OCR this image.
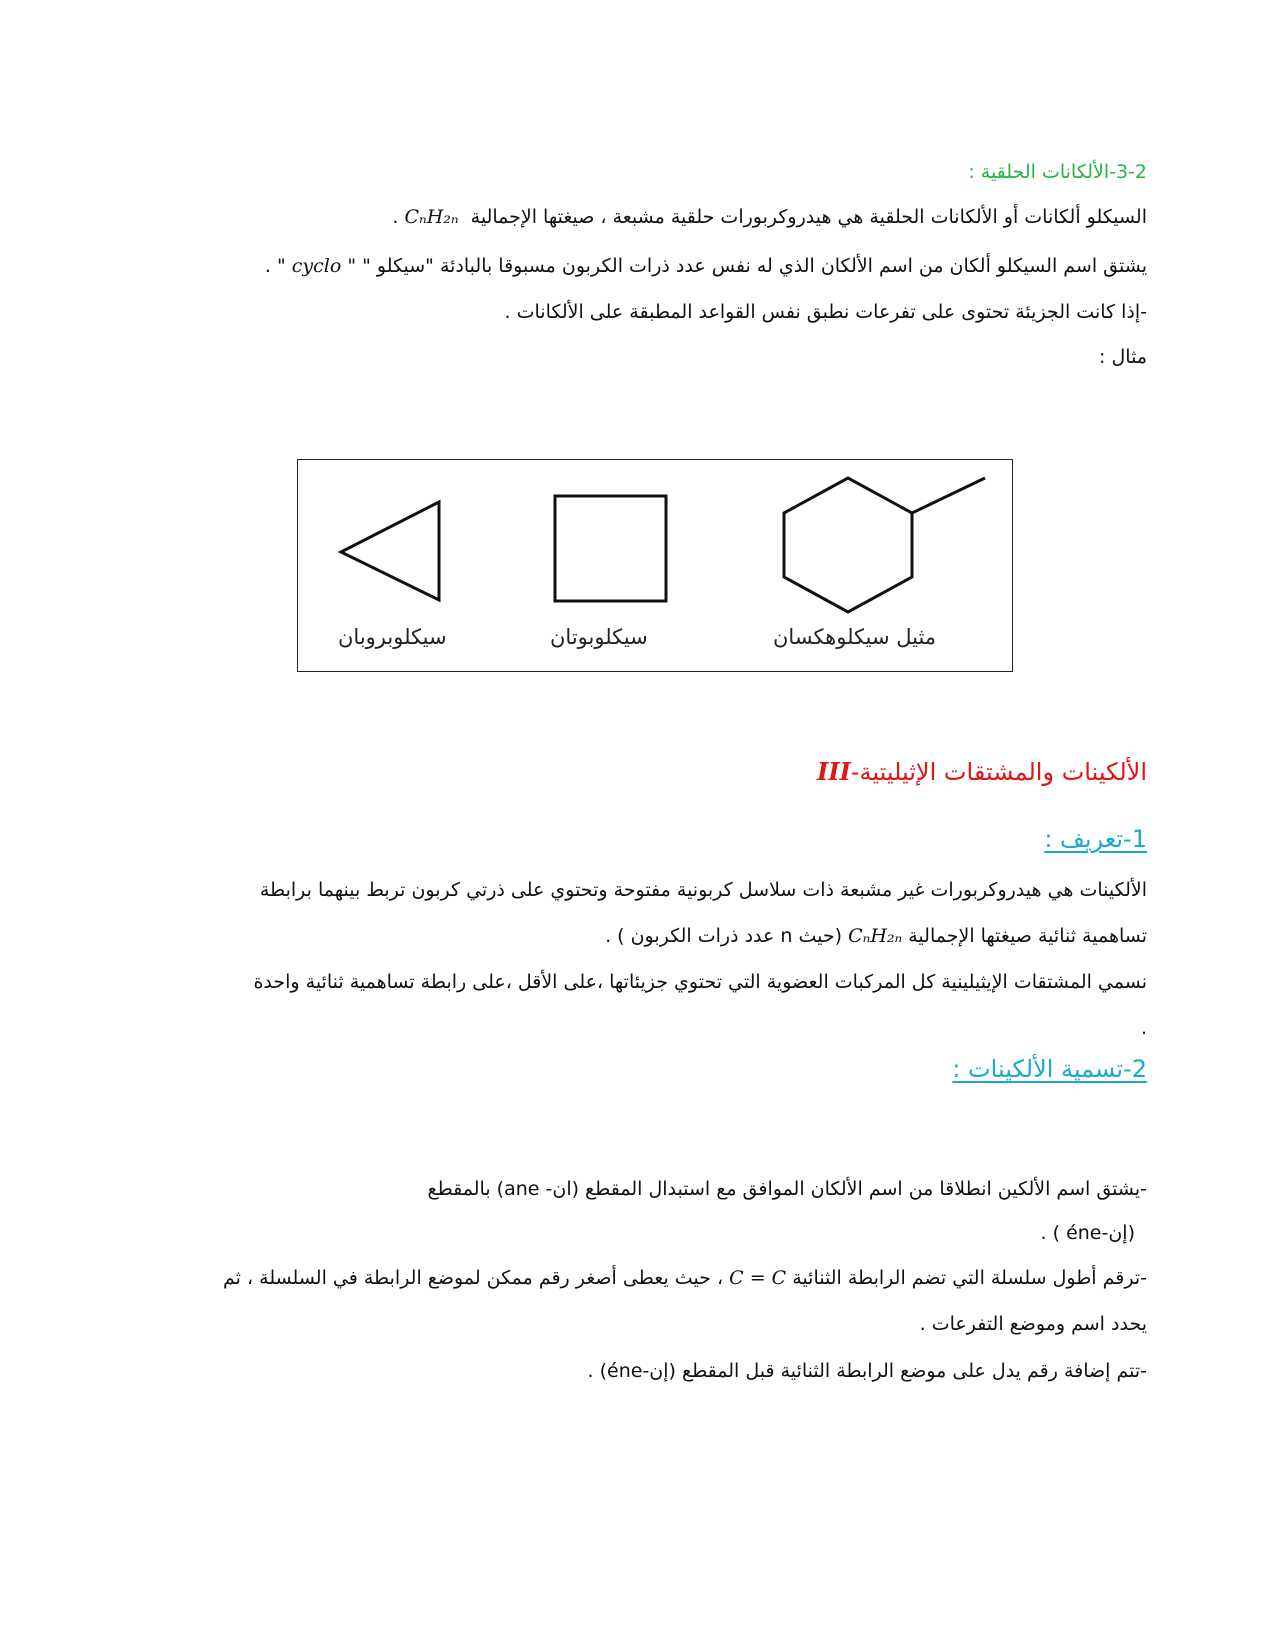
3-2-الألكانات الحلقية :
السيكلو ألكانات أو الألكانات الحلقية هي هيدروكربورات حلقية مشبعة ، صيغتها الإجمالية  CₙH₂ₙ .
يشتق اسم السيكلو ألكان من اسم الألكان الذي له نفس عدد ذرات الكربون مسبوقا بالبادئة "سيكلو " " cyclo " .
-إذا كانت الجزيئة تحتوى على تفرعات نطبق نفس القواعد المطبقة على الألكانات .
مثال :
سيكلوبروبان	سيكلوبوتان	مثيل سيكلوهكسان
III-الألكينات والمشتقات الإثيليتية
1-تعريف :
الألكينات هي هيدروكربورات غير مشبعة ذات سلاسل كربونية مفتوحة وتحتوي على ذرتي كربون تربط بينهما برابطة
تساهمية ثنائية صيغتها الإجمالية CₙH₂ₙ (حيث n عدد ذرات الكربون ) .
نسمي المشتقات الإيثيلينية كل المركبات العضوية التي تحتوي جزيئاتها ،على الأقل ،على رابطة تساهمية ثنائية واحدة
.
2-تسمية الألكينات :
-يشتق اسم الألكين انطلاقا من اسم الألكان الموافق مع استبدال المقطع (ان- ane) بالمقطع
(إن-éne ) .
-ترقم أطول سلسلة التي تضم الرابطة الثنائية C = C ، حيث يعطى أصغر رقم ممكن لموضع الرابطة في السلسلة ، ثم
يحدد اسم وموضع التفرعات .
-تتم إضافة رقم يدل على موضع الرابطة الثنائية قبل المقطع (إن-éne) .
